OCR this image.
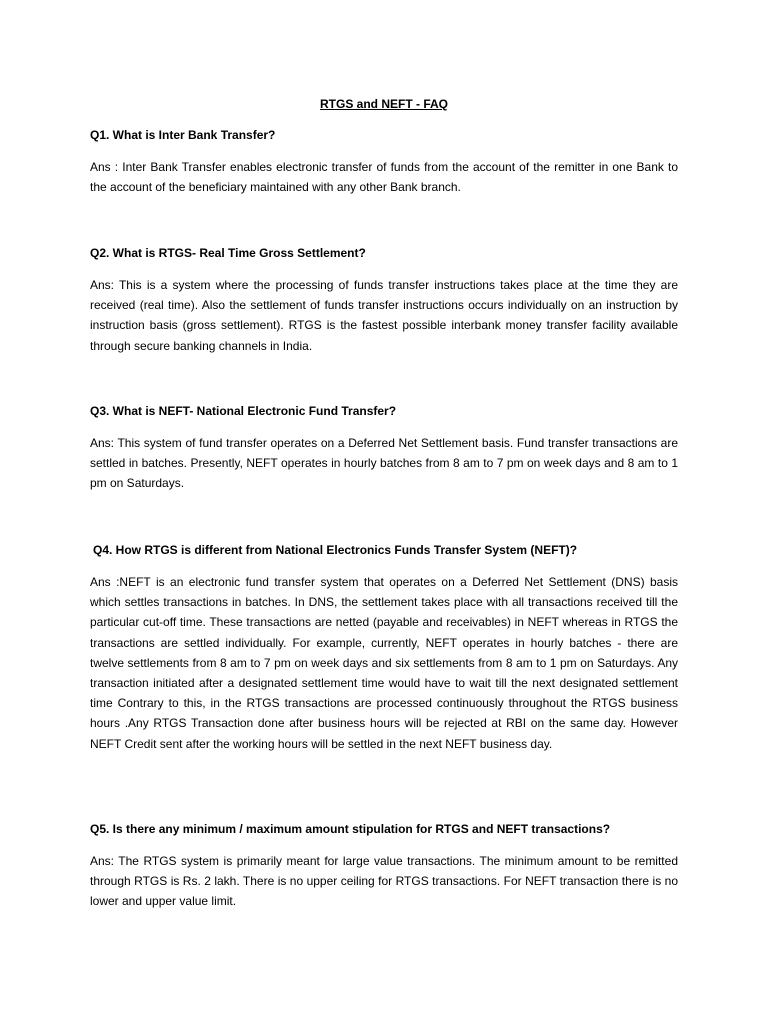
RTGS and NEFT - FAQ
Q1. What is Inter Bank Transfer?
Ans : Inter Bank Transfer enables electronic transfer of funds from the account of the remitter in one Bank to the account of the beneficiary maintained with any other Bank branch.
Q2. What is RTGS- Real Time Gross Settlement?
Ans: This is a system where the processing of funds transfer instructions takes place at the time they are received (real time). Also the settlement of funds transfer instructions occurs individually on an instruction by instruction basis (gross settlement). RTGS is the fastest possible interbank money transfer facility available through secure banking channels in India.
Q3. What is NEFT- National Electronic Fund Transfer?
Ans: This system of fund transfer operates on a Deferred Net Settlement basis. Fund transfer transactions are settled in batches. Presently, NEFT operates in hourly batches from 8 am to 7 pm on week days and 8 am to 1 pm on Saturdays.
Q4. How RTGS is different from National Electronics Funds Transfer System (NEFT)?
Ans :NEFT is an electronic fund transfer system that operates on a Deferred Net Settlement (DNS) basis which settles transactions in batches. In DNS, the settlement takes place with all transactions received till the particular cut-off time. These transactions are netted (payable and receivables) in NEFT whereas in RTGS the transactions are settled individually. For example, currently, NEFT operates in hourly batches - there are twelve settlements from 8 am to 7 pm on week days and six settlements from 8 am to 1 pm on Saturdays. Any transaction initiated after a designated settlement time would have to wait till the next designated settlement time Contrary to this, in the RTGS transactions are processed continuously throughout the RTGS business hours .Any RTGS Transaction done after business hours will be rejected at RBI on the same day. However NEFT Credit sent after the working hours will be settled in the next NEFT business day.
Q5. Is there any minimum / maximum amount stipulation for RTGS and NEFT transactions?
Ans: The RTGS system is primarily meant for large value transactions. The minimum amount to be remitted through RTGS is Rs. 2 lakh. There is no upper ceiling for RTGS transactions. For NEFT transaction there is no lower and upper value limit.
